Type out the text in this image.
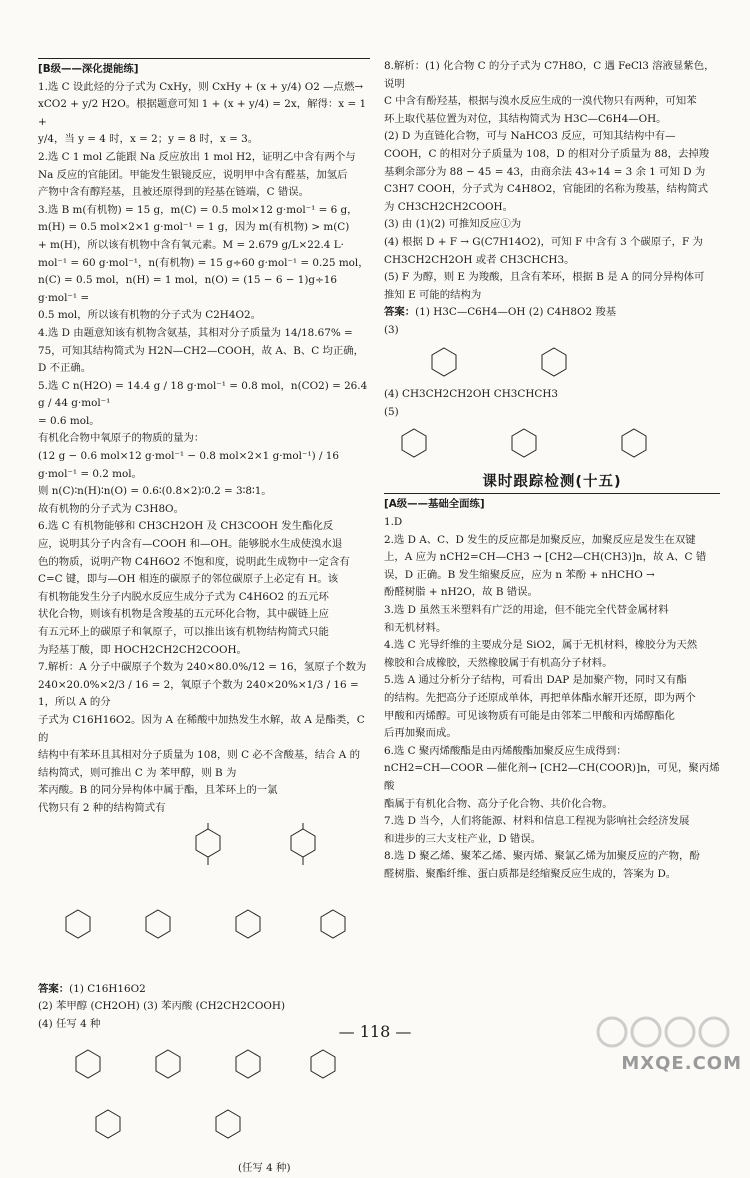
[B级——深化提能练]
1.选 C 设此烃的分子式为 CxHy，则 CxHy + (x + y/4) O2 —点燃→
xCO2 + y/2 H2O。根据题意可知 1 + (x + y/4) = 2x，解得：x = 1 +
y/4，当 y = 4 时，x = 2；y = 8 时，x = 3。
2.选 C 1 mol 乙能跟 Na 反应放出 1 mol H2，证明乙中含有两个与
Na 反应的官能团。甲能发生银镜反应，说明甲中含有醛基，加氢后
产物中含有醇羟基，且被还原得到的羟基在链端，C 错误。
3.选 B m(有机物) = 15 g，m(C) = 0.5 mol×12 g·mol⁻¹ = 6 g，
m(H) = 0.5 mol×2×1 g·mol⁻¹ = 1 g，因为 m(有机物) > m(C)
+ m(H)，所以该有机物中含有氧元素。M = 2.679 g/L×22.4 L·
mol⁻¹ = 60 g·mol⁻¹，n(有机物) = 15 g÷60 g·mol⁻¹ = 0.25 mol，
n(C) = 0.5 mol，n(H) = 1 mol，n(O) = (15 − 6 − 1)g÷16 g·mol⁻¹ =
0.5 mol，所以该有机物的分子式为 C2H4O2。
4.选 D 由题意知该有机物含氨基，其相对分子质量为 14/18.67% =
75，可知其结构简式为 H2N—CH2—COOH，故 A、B、C 均正确，
D 不正确。
5.选 C n(H2O) = 14.4 g / 18 g·mol⁻¹ = 0.8 mol，n(CO2) = 26.4 g / 44 g·mol⁻¹
= 0.6 mol。
有机化合物中氧原子的物质的量为：
(12 g − 0.6 mol×12 g·mol⁻¹ − 0.8 mol×2×1 g·mol⁻¹) / 16 g·mol⁻¹ = 0.2 mol。
则 n(C)∶n(H)∶n(O) = 0.6∶(0.8×2)∶0.2 = 3∶8∶1。
故有机物的分子式为 C3H8O。
6.选 C 有机物能够和 CH3CH2OH 及 CH3COOH 发生酯化反
应，说明其分子内含有—COOH 和—OH。能够脱水生成使溴水退
色的物质，说明产物 C4H6O2 不饱和度，说明此生成物中一定含有
C=C 键，即与—OH 相连的碳原子的邻位碳原子上必定有 H。该
有机物能发生分子内脱水反应生成分子式为 C4H6O2 的五元环
状化合物，则该有机物是含羧基的五元环化合物，其中碳链上应
有五元环上的碳原子和氧原子，可以推出该有机物结构简式只能
为羟基丁酸，即 HOCH2CH2CH2COOH。
7.解析：A 分子中碳原子个数为 240×80.0%/12 = 16，氢原子个数为
240×20.0%×2/3 / 16 = 2，氧原子个数为 240×20%×1/3 / 16 = 1，所以 A 的分
子式为 C16H16O2。因为 A 在稀酸中加热发生水解，故 A 是酯类，C 的
结构中有苯环且其相对分子质量为 108，则 C 必不含酸基，结合 A 的
结构简式，则可推出 C 为 苯甲醇，则 B 为
苯丙酸。B 的同分异构体中属于酯，且苯环上的一氯
代物只有 2 种的结构简式有

答案：(1) C16H16O2
(2) 苯甲醇 (CH2OH) (3) 苯丙酸 (CH2CH2COOH)
(4) 任写 4 种
(任写 4 种)
8.解析：(1) 化合物 C 的分子式为 C7H8O，C 遇 FeCl3 溶液显紫色，说明
C 中含有酚羟基，根据与溴水反应生成的一溴代物只有两种，可知苯
环上取代基位置为对位，其结构简式为 H3C—C6H4—OH。
(2) D 为直链化合物，可与 NaHCO3 反应，可知其结构中有—
COOH，C 的相对分子质量为 108，D 的相对分子质量为 88，去掉羧
基剩余部分为 88 − 45 = 43，由商余法 43÷14 = 3 余 1 可知 D 为
C3H7 COOH，分子式为 C4H8O2，官能团的名称为羧基，结构简式
为 CH3CH2CH2COOH。
(3) 由 (1)(2) 可推知反应①为
(4) 根据 D + F → G(C7H14O2)，可知 F 中含有 3 个碳原子，F 为
CH3CH2CH2OH 或者 CH3CHCH3。
(5) F 为醇，则 E 为羧酸，且含有苯环，根据 B 是 A 的同分异构体可
推知 E 可能的结构为
答案：(1) H3C—C6H4—OH (2) C4H8O2 羧基
(3)
(4) CH3CH2CH2OH CH3CHCH3
(5)
课时跟踪检测(十五)
[A级——基础全面练]
1.D
2.选 D A、C、D 发生的反应都是加聚反应，加聚反应是发生在双键
上，A 应为 nCH2=CH—CH3 → [CH2—CH(CH3)]n，故 A、C 错
误，D 正确。B 发生缩聚反应，应为 n 苯酚 + nHCHO →
酚醛树脂 + nH2O，故 B 错误。
3.选 D 虽然玉米塑料有广泛的用途，但不能完全代替金属材料
和无机材料。
4.选 C 光导纤维的主要成分是 SiO2，属于无机材料，橡胶分为天然
橡胶和合成橡胶，天然橡胶属于有机高分子材料。
5.选 A 通过分析分子结构，可看出 DAP 是加聚产物，同时又有酯
的结构。先把高分子还原成单体，再把单体酯水解开还原，即为两个
甲酸和丙烯醇。可见该物质有可能是由邻苯二甲酸和丙烯醇酯化
后再加聚而成。
6.选 C 聚丙烯酸酯是由丙烯酸酯加聚反应生成得到：
nCH2=CH—COOR —催化剂→ [CH2—CH(COOR)]n，可见，聚丙烯酸
酯属于有机化合物、高分子化合物、共价化合物。
7.选 D 当今，人们将能源、材料和信息工程视为影响社会经济发展
和进步的三大支柱产业，D 错误。
8.选 D 聚乙烯、聚苯乙烯、聚丙烯、聚氯乙烯为加聚反应的产物，酚
醛树脂、聚酯纤维、蛋白质都是经缩聚反应生成的，答案为 D。
— 118 —
MXQE.COM
